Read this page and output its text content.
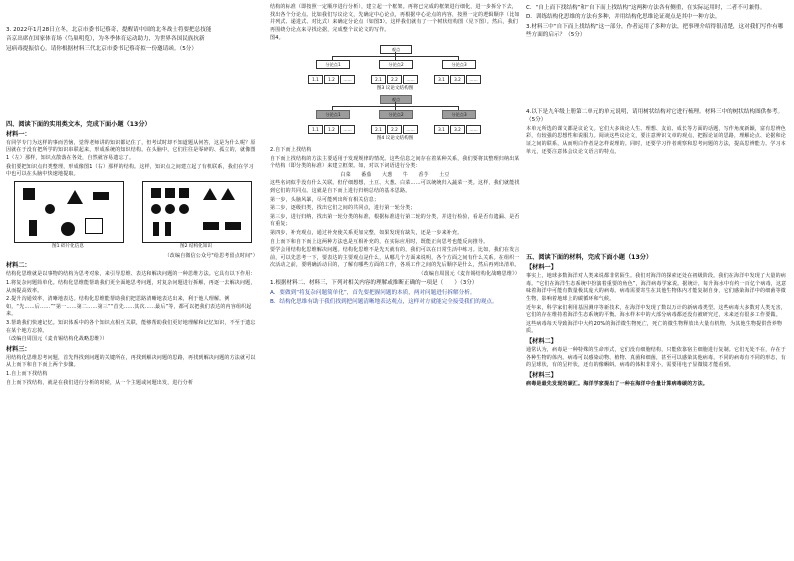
3. 2022年1月28日立冬，北京市委书记蔡奇，提醒请中国的北冬战士将要把总技能

音京出席在国家体育场（鸟巢明览），为冬季体育运动助力，为世界各国民族抗新

冠病毒提振信心。请你根据材料三代北京市委书记蔡奇拟一份邀请函。（5分）

四、阅读下面的实用类文本，完成下面小题（13分）

材料一：

有同学专门为这样的事而苦恼，觉得老师讲的知识都记住了，但考试时却不知道题从何答，这是为什么呢？原因就在于没有把所学的知识串联起来，形成系统的知识结构。在头脑中，它们往往是零碎的、孤立的，就像图1（左）那样，知识点散落在各处，自然就容易遗忘了。

我们要把知识点归类整理，形成像图1（右）那样的结构。这样，知识点之间建立起了有机联系，我们在学习中也可以在头脑中快速地提取。

图1 碎片化信息	图2 结构化知识

（改编自微信公众号"给思考留点时间"）

材料二：

结构化思维就是以事物的结构为思考对象，来引导思维、表达和解决问题的一种思维方法。它具有以下作用：

1.将复杂问题简单化。结构化思维能帮助我们更全面地思考问题，对复杂问题进行拆解，再逐一去解决问题，从而提高效率。

2.提升沟通效率，清晰地表达。结构化思维能帮助我们把思路清晰地表达出来，利于他人理解。例如，“先……后……”“第一……第二……第三”“首先……其次……最后”等，都可以把我们表达的内容组织起来。

3.帮助我们快速记忆。知识体系中的各个知识点相互关联，能够帮助我们更好地理解和记忆知识，不至于遗忘在某个地方忘掉。

（改编自周国元《麦肯锡结构化战略思维》）

材料三：

用结构化思维思考问题，首先得找到问题的关键所在，再找到解决问题的思路，再找到解决问题的方法就可以从上而下和自下而上两个步骤。

1.自上而下找结构

自上而下找结构，就是在我们进行分析的时候，从一个主题或问题出发，进行分析

结构的标准（即按照一定顺序进行分析），建立起一个框架。再将已完成的框架进行细化，进一步拆分下去，找出各个分论点。比如我们写议论文，先确定中心论点，再根据中心论点的内容，按照一定的逻辑顺序（比如并列式、递进式、对比式）来确定分论点（如图3）。这样我们就有了一个树状结构图（见下图）。然后，我们再围绕分论点来寻找论据，完成整个议论文的写作。

图4。

观点
分论点1	分论点2	分论点3
1.1	1.2	……	2.1	2.2	……	3.1	3.2	……
图3 议论文结构图
观点
分论点1	分论点2	分论点3
1.1	1.2	……	2.1	2.2	……	3.1	3.2	……
图4 议论文结构图

2.自下而上找结构

自下而上找结构的方法主要适用于发现规律的情况。这些信息之间存在着某种关系，我们要将其整理归纳出某个结构（即分类的标准）来建立框架。如，对以下词语进行分类：

白菜　　番茄　　大葱　　牛　　香芋　　土豆

这些名词似乎没有什么关联。但仔细想想，土豆、大葱、白菜……可以统统归入蔬菜一类。这样，我们就能找到它们的共同点。这就是自下而上进行归纳总结的基本思路。

第一步，头脑风暴，尽可能列出所有相关信息；

第二步，逐级归类，找出它们之间的共同点，进行第一轮分类；

第三步，进行归纳，找出第一轮分类的标准，根据标准进行第二轮的分类，并进行检验，看是否有遗漏、是否有重复；

第四步，补充观点，通过补充使关系更加完整，如果发现有缺失，还是一步来补充。

自上而下和自下而上这两种方法也是互相补充的，在实际应用时，既能正向思考也能反向推导。

要学会用结构化思维解决问题。结构化思维不是先天就有的，我们可以在日常生活中练习。比如，我们在发言前，可以先思考一下，要表达的主要观点是什么，从哪几个方面来说明，各个方面之间有什么关系。在组织一次活动之前，要明确活动目的，了解有哪些方面的工作，各项工作之间的先后顺序是什么，然后再列出清单。

（改编自周国元《麦肯锡结构化战略思维》）

1.根据材料二、材料三，下列对相关内容的理解或推断正确的一项是（　　）（3分）

A．要做到“将复杂问题简单化”，首先要把握问题的本质，两对问题进行拆解分析。

B．结构化思维有助于我们找到把问题清晰地表达观点，这样对方就能完全接受我们的观点。

C．“自上而下找结构”和“自下而上找结构”这两种方法各有侧重，在实际运用时，二者不可兼得。

D．训练结构化思维的方法有多种，并用结构化思维论证观点是其中一种方法。

3.材料三中“自下而上找结构”这一部分，作者运用了多种方法，把事理介绍得很清楚，这对我们写作有哪些方面的启示？（5分）

4.以下是九年级上册第二单元的单元说明，请用树状结构对它进行梳理。材料三中的树状结构图供参考。（5分）

本单元所选的课文都是议论文。它们大多谈论人生、理想、友谊、成长等方面的话题，写作角度新颖，富有思辨色彩，有较强的思想性和说服力。阅读这些议论文，要注意辨识文章的观点，把握论证的思路，理解论点、论据和论证之间的联系，从而明白作者是怎样说理的。同时，还要学习作者观察和思考问题的方法，提高思辨能力。学习本单元，还要注意体会议论文语言的特点。

五、阅读下面的材料，完成下面小题（13分）

【材料一】

事实上，地球多数海洋对人类来说都非常陌生。我们对海洋的探索还处在初级阶段。我们在海洋中发现了大量的病毒。“它们在海洋生态系统中扮演着重要的角色”，海洋病毒学家说。据统计，每升海水中有约一百亿个病毒，这意味着海洋中可能有数量极其庞大的病毒。病毒需要寄生在其他生物体内才能复制自身，它们感染海洋中的细菌等微生物，影响着地球上的碳循环和气候。

近年来，科学家们利用基因测序等新技术，在海洋中发现了数以万计的新病毒类型。这些病毒大多数对人类无害，它们的存在维持着海洋生态系统的平衡。海水样本中的大部分病毒都还没有被研究过，未来还有很多工作要做。

这些病毒每天导致海洋中大约20%的海洋微生物死亡，死亡的微生物释放出大量有机物，为其他生物提供营养物质。

【材料二】

通常认为，病毒是一种特殊的生命形式，它们没有细胞结构，只能依靠宿主细胞进行复制。它们无处不在，存在于各种生物的体内。病毒可以感染动物、植物、真菌和细菌，甚至可以感染其他病毒。不同的病毒有不同的形态，有的呈球状，有的呈杆状，还有的像蝌蚪。病毒的体积非常小，需要用电子显微镜才能看到。

【材料三】

病毒是最先发现的碳汇。海洋学家提出了一种在海洋中合量计算病毒碳的方法。
